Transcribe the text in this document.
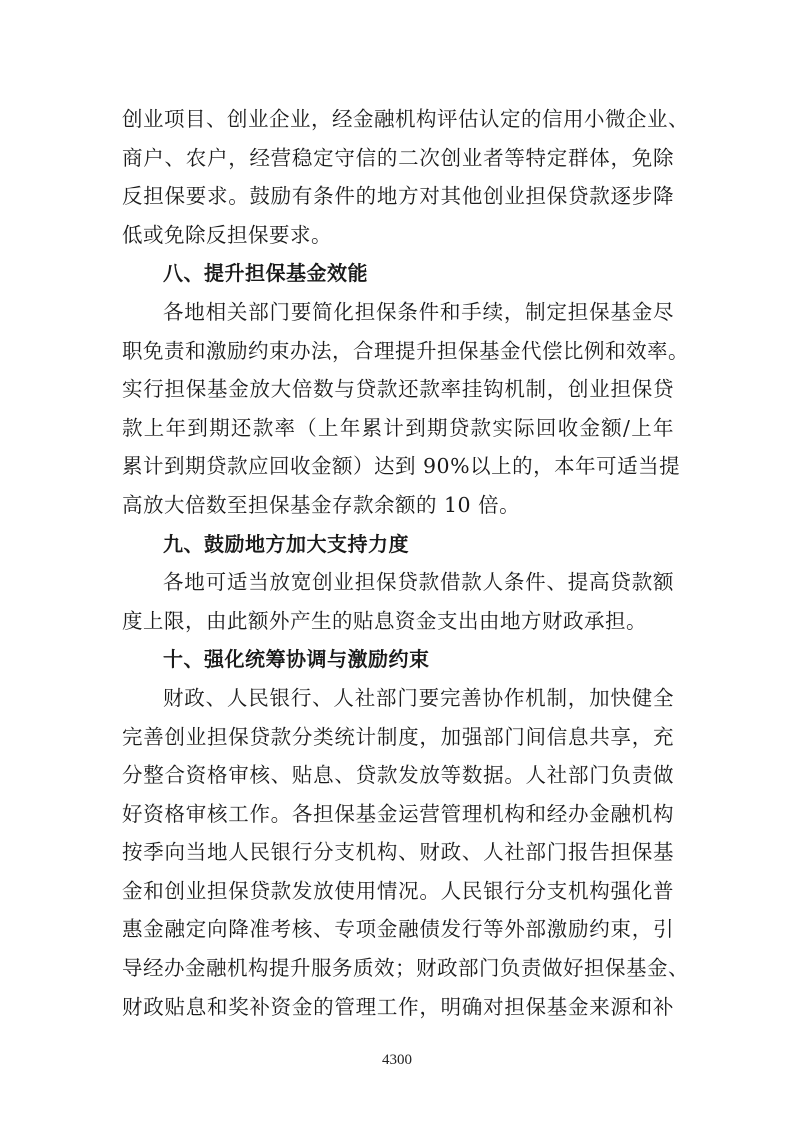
创业项目、创业企业，经金融机构评估认定的信用小微企业、
商户、农户，经营稳定守信的二次创业者等特定群体，免除
反担保要求。鼓励有条件的地方对其他创业担保贷款逐步降
低或免除反担保要求。
八、提升担保基金效能
各地相关部门要简化担保条件和手续，制定担保基金尽
职免责和激励约束办法，合理提升担保基金代偿比例和效率。
实行担保基金放大倍数与贷款还款率挂钩机制，创业担保贷
款上年到期还款率（上年累计到期贷款实际回收金额/上年
累计到期贷款应回收金额）达到 90%以上的，本年可适当提
高放大倍数至担保基金存款余额的 10 倍。
九、鼓励地方加大支持力度
各地可适当放宽创业担保贷款借款人条件、提高贷款额
度上限，由此额外产生的贴息资金支出由地方财政承担。
十、强化统筹协调与激励约束
财政、人民银行、人社部门要完善协作机制，加快健全
完善创业担保贷款分类统计制度，加强部门间信息共享，充
分整合资格审核、贴息、贷款发放等数据。人社部门负责做
好资格审核工作。各担保基金运营管理机构和经办金融机构
按季向当地人民银行分支机构、财政、人社部门报告担保基
金和创业担保贷款发放使用情况。人民银行分支机构强化普
惠金融定向降准考核、专项金融债发行等外部激励约束，引
导经办金融机构提升服务质效；财政部门负责做好担保基金、
财政贴息和奖补资金的管理工作，明确对担保基金来源和补
4300
